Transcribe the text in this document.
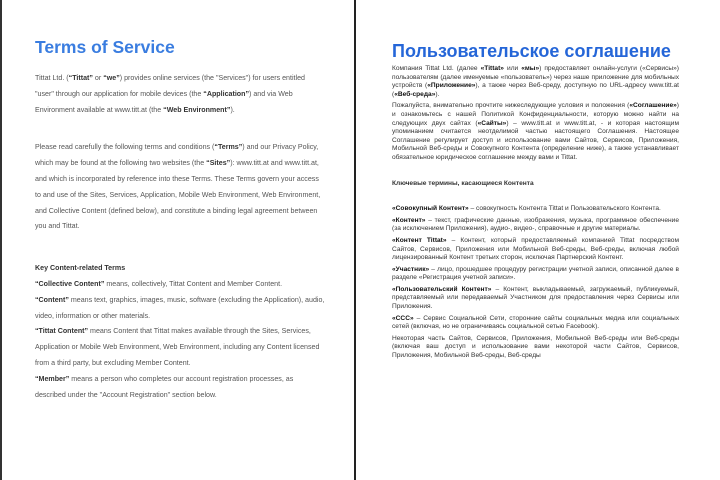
Terms of Service

Tittat Ltd. (“Tittat” or “we”) provides online services (the "Services") for users entitled "user" through our application for mobile devices (the “Application”) and via Web Environment available at www.titt.at (the “Web Environment”).

Please read carefully the following terms and conditions (“Terms”) and our Privacy Policy, which may be found at the following two websites (the “Sites”): www.titt.at and www.titt.at, and which is incorporated by reference into these Terms. These Terms govern your access to and use of the Sites, Services, Application, Mobile Web Environment, Web Environment, and Collective Content (defined below), and constitute a binding legal agreement between you and Tittat.

Key Content-related Terms

“Collective Content” means, collectively, Tittat Content and Member Content.

“Content” means text, graphics, images, music, software (excluding the Application), audio, video, information or other materials.

“Tittat Content” means Content that Tittat makes available through the Sites, Services, Application or Mobile Web Environment, Web Environment, including any Content licensed from a third party, but excluding Member Content.

“Member” means a person who completes our account registration processes, as described under the "Account Registration" section below.

Пользовательское соглашение

Компания Tittat Ltd. (далее «Tittat» или «мы») предоставляет онлайн-услуги («Сервисы») пользователям (далее именуемые «пользователь») через наше приложение для мобильных устройств («Приложение»), а также через Веб-среду, доступную по URL-адресу www.titt.at («Веб-среда»).

Пожалуйста, внимательно прочтите нижеследующие условия и положения («Соглашение») и ознакомьтесь с нашей Политикой Конфиденциальности, которую можно найти на следующих двух сайтах («Сайты») – www.titt.at и www.titt.at, - и которая настоящим упоминанием считается неотделимой частью настоящего Соглашения. Настоящее Соглашение регулирует доступ и использование вами Сайтов, Сервисов, Приложения, Мобильной Веб-среды и Совокупного Контента (определение ниже), а также устанавливает обязательное юридическое соглашение между вами и Tittat.

Ключевые термины, касающиеся Контента

«Совокупный Контент» – совокупность Контента Tittat и Пользовательского Контента.

«Контент» – текст, графические данные, изображения, музыка, программное обеспечение (за исключением Приложения), аудио-, видео-, справочные и другие материалы.

«Контент Tittat» – Контент, который предоставляемый компанией Tittat посредством Сайтов, Сервисов, Приложения или Мобильной Веб-среды, Веб-среды, включая любой лицензированный Контент третьих сторон, исключая Партнерский Контент.

«Участник» – лицо, прошедшее процедуру регистрации учетной записи, описанной далее в разделе «Регистрация учетной записи».

«Пользовательский Контент» – Контент, выкладываемый, загружаемый, публикуемый, представляемый или передаваемый Участником для предоставления через Сервисы или Приложения.

«ССС» – Сервис Социальной Сети, сторонние сайты социальных медиа или социальных сетей (включая, но не ограничиваясь социальной сетью Facebook).

Некоторая часть Сайтов, Сервисов, Приложения, Мобильной Веб-среды или Веб-среды (включая ваш доступ и использование вами некоторой части Сайтов, Сервисов, Приложения, Мобильной Веб-среды, Веб-среды
